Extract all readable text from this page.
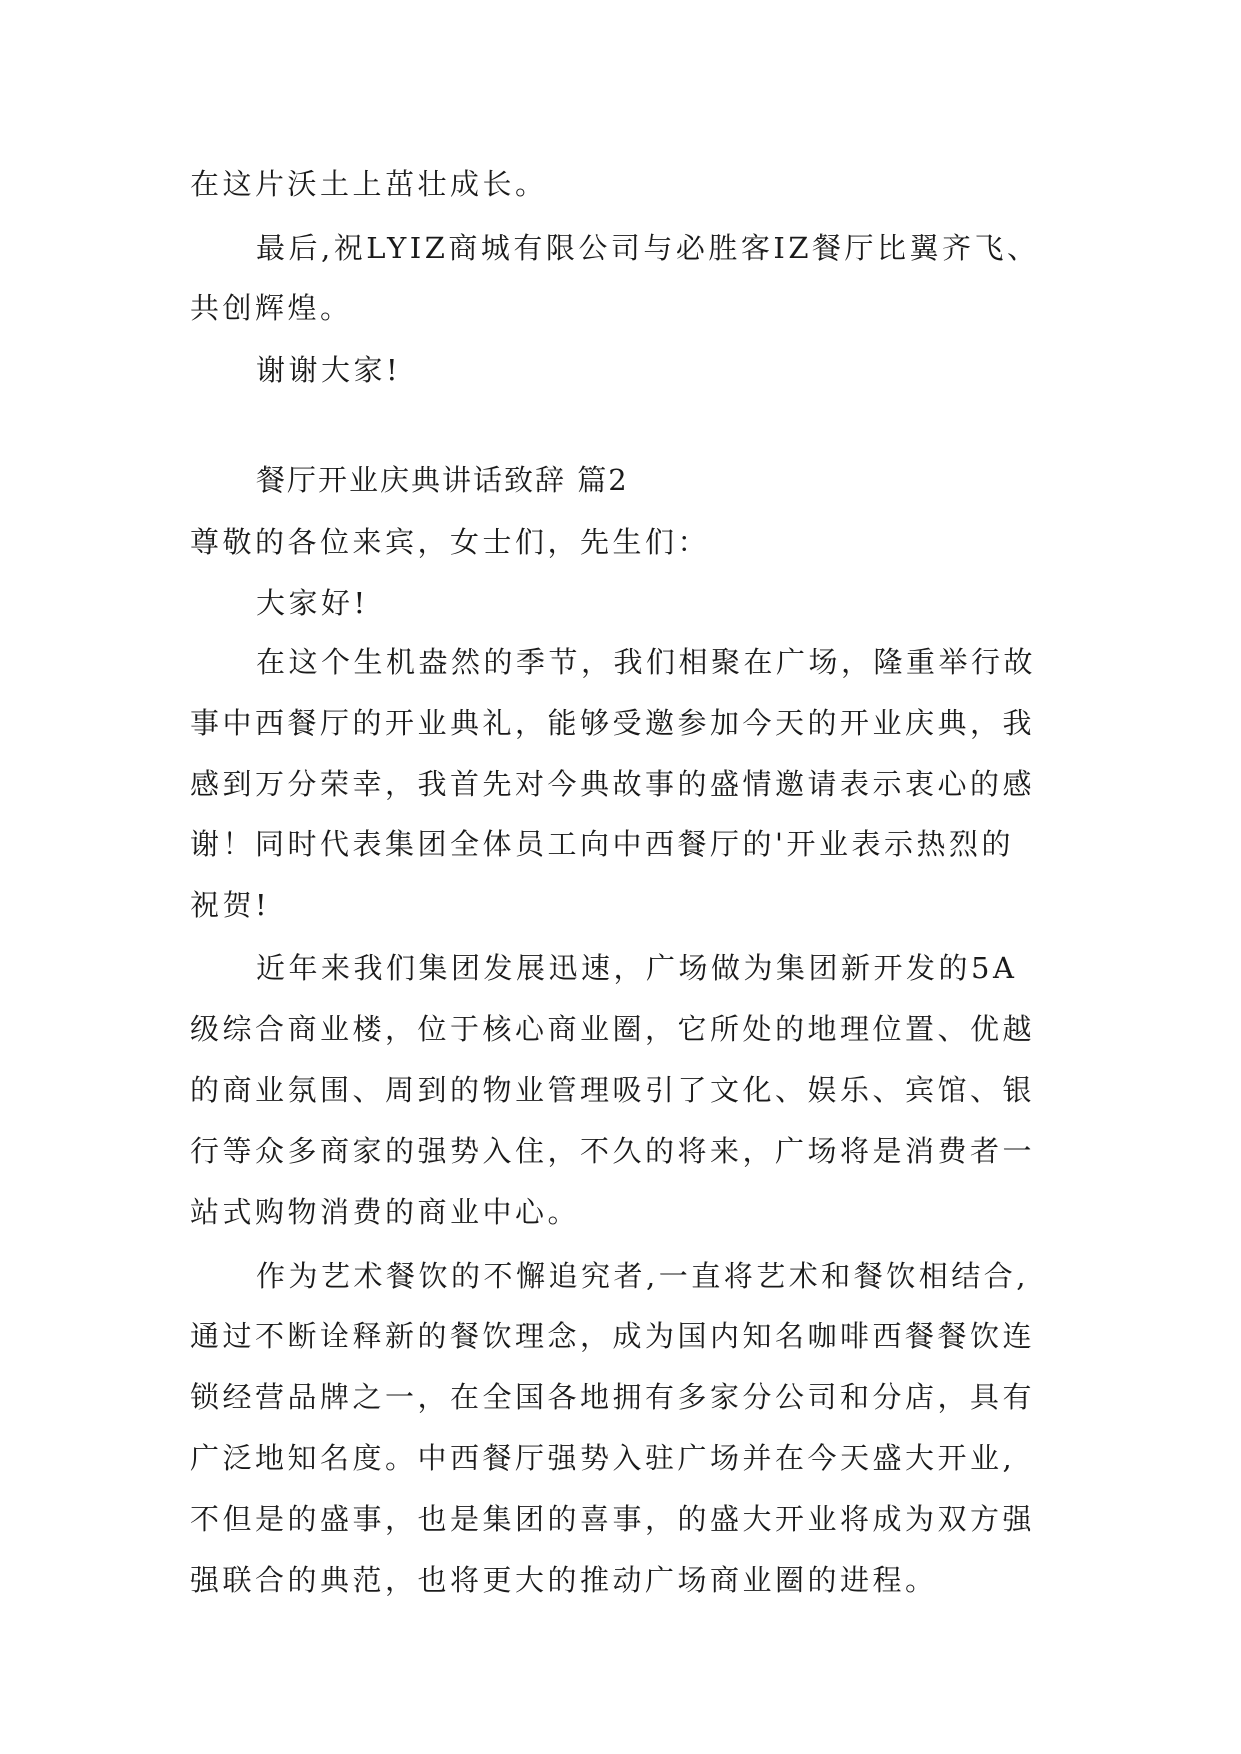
在这片沃土上茁壮成长。

最后,祝LYIZ商城有限公司与必胜客IZ餐厅比翼齐飞、

共创辉煌。

谢谢大家!

餐厅开业庆典讲话致辞 篇2

尊敬的各位来宾，女士们，先生们：

大家好!

在这个生机盎然的季节，我们相聚在广场，隆重举行故

事中西餐厅的开业典礼，能够受邀参加今天的开业庆典，我

感到万分荣幸，我首先对今典故事的盛情邀请表示衷心的感

谢！同时代表集团全体员工向中西餐厅的'开业表示热烈的

祝贺!

近年来我们集团发展迅速，广场做为集团新开发的5A

级综合商业楼，位于核心商业圈，它所处的地理位置、优越

的商业氛围、周到的物业管理吸引了文化、娱乐、宾馆、银

行等众多商家的强势入住，不久的将来，广场将是消费者一

站式购物消费的商业中心。

作为艺术餐饮的不懈追究者,一直将艺术和餐饮相结合,

通过不断诠释新的餐饮理念，成为国内知名咖啡西餐餐饮连

锁经营品牌之一，在全国各地拥有多家分公司和分店，具有

广泛地知名度。中西餐厅强势入驻广场并在今天盛大开业,

不但是的盛事，也是集团的喜事，的盛大开业将成为双方强

强联合的典范，也将更大的推动广场商业圈的进程。
